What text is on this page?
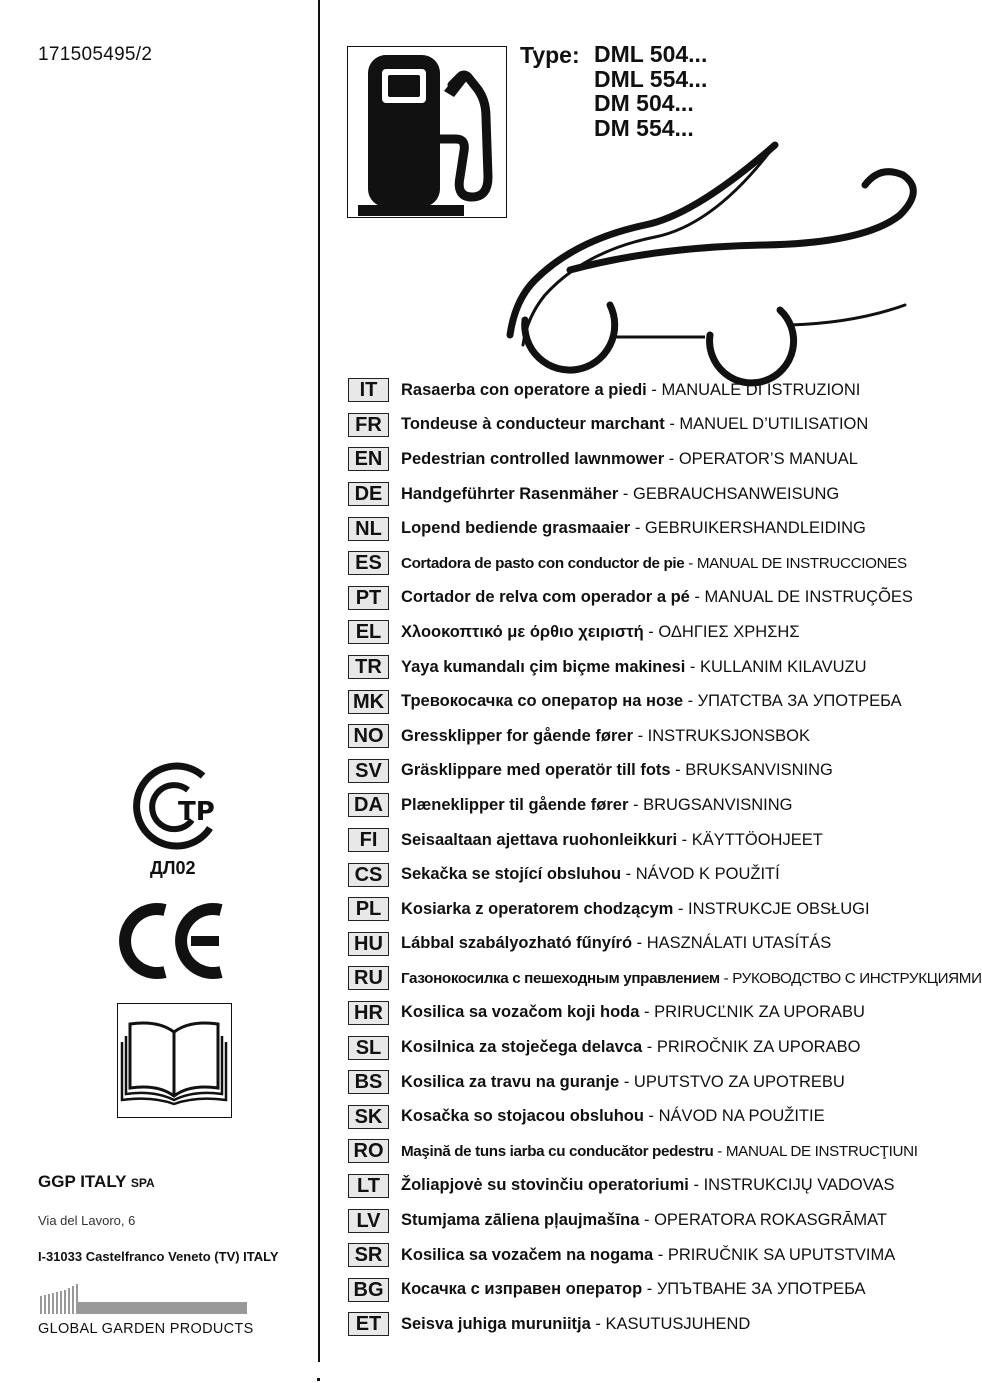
171505495/2	Type: DML 504...
DML 554...
DM 504...
DM 554...
IT	Rasaerba con operatore a piedi - MANUALE DI ISTRUZIONI
FR	Tondeuse à conducteur marchant - MANUEL D’UTILISATION
EN	Pedestrian controlled lawnmower - OPERATOR’S MANUAL
DE	Handgeführter Rasenmäher - GEBRAUCHSANWEISUNG
NL	Lopend bediende grasmaaier - GEBRUIKERSHANDLEIDING
ES	Cortadora de pasto con conductor de pie - MANUAL DE INSTRUCCIONES
PT	Cortador de relva com operador a pé - MANUAL DE INSTRUÇÕES
EL	Χλοοκοπτικό με όρθιο χειριστή - ΟΔΗΓΙΕΣ ΧΡΗΣΗΣ
TR	Yaya kumandalı çim biçme makinesi - KULLANIM KILAVUZU
MK	Тревокосачка со оператор на нозе - УПАТСТВА ЗА УПОТРЕБА
NO	Gressklipper for gående fører - INSTRUKSJONSBOK
SV	Gräsklippare med operatör till fots - BRUKSANVISNING
DA	Plæneklipper til gående fører - BRUGSANVISNING
FI	Seisaaltaan ajettava ruohonleikkuri - KÄYTTÖOHJEET
CS	Sekačka se stojící obsluhou - NÁVOD K POUŽITÍ
PL	Kosiarka z operatorem chodzącym - INSTRUKCJE OBSŁUGI
HU	Lábbal szabályozható fűnyíró - HASZNÁLATI UTASÍTÁS
RU	Газонокосилка с пешеходным управлением - РУКОВОДСТВО С ИНСТРУКЦИЯМИ
HR	Kosilica sa vozačom koji hoda - PRIRUCĽNIK ZA UPORABU
SL	Kosilnica za stoječega delavca - PRIROČNIK ZA UPORABO
BS	Kosilica za travu na guranje - UPUTSTVO ZA UPOTREBU
SK	Kosačka so stojacou obsluhou - NÁVOD NA POUŽITIE
RO	Maşină de tuns iarba cu conducător pedestru - MANUAL DE INSTRUCŢIUNI
LT	Žoliapjovė su stovinčiu operatoriumi - INSTRUKCIJŲ VADOVAS
LV	Stumjama zāliena pļaujmašīna - OPERATORA ROKASGRĀMAT
SR	Kosilica sa vozačem na nogama - PRIRUČNIK SA UPUTSTVIMA
BG	Косачка с изправен оператор - УПЪТВАНЕ ЗА УПОТРЕБА
ET	Seisva juhiga muruniitja - KASUTUSJUHEND
ТР
ДЛ02
GGP ITALY SPA
Via del Lavoro, 6
I-31033 Castelfranco Veneto (TV) ITALY
GLOBAL GARDEN PRODUCTS
